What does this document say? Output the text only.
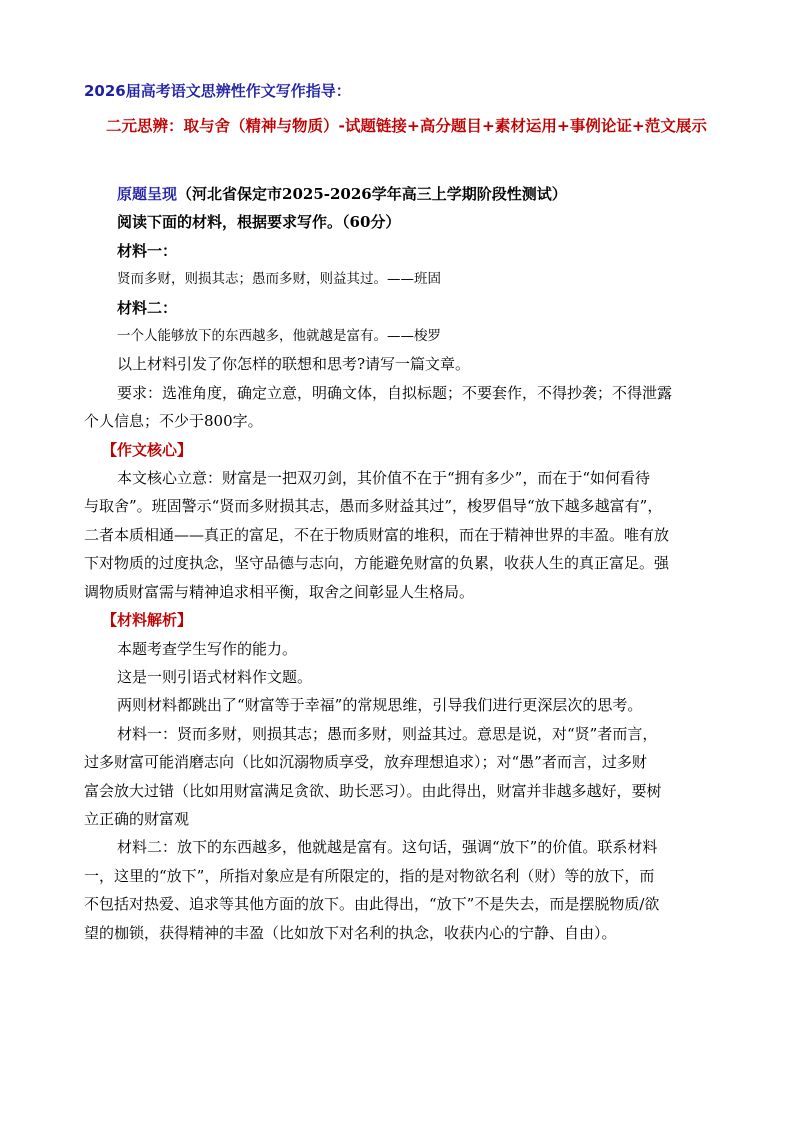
2026届高考语文思辨性作文写作指导：
二元思辨：取与舍（精神与物质）-试题链接+高分题目+素材运用+事例论证+范文展示
原题呈现（河北省保定市2025-2026学年高三上学期阶段性测试）
阅读下面的材料，根据要求写作。（60分）
材料一：
贤而多财，则损其志；愚而多财，则益其过。——班固
材料二：
一个人能够放下的东西越多，他就越是富有。——梭罗
以上材料引发了你怎样的联想和思考?请写一篇文章。
要求：选准角度，确定立意，明确文体，自拟标题；不要套作，不得抄袭；不得泄露
个人信息；不少于800字。
【作文核心】
本文核心立意：财富是一把双刃剑，其价值不在于“拥有多少”，而在于“如何看待
与取舍”。班固警示“贤而多财损其志，愚而多财益其过”，梭罗倡导“放下越多越富有”，
二者本质相通——真正的富足，不在于物质财富的堆积，而在于精神世界的丰盈。唯有放
下对物质的过度执念，坚守品德与志向，方能避免财富的负累，收获人生的真正富足。强
调物质财富需与精神追求相平衡，取舍之间彰显人生格局。
【材料解析】
本题考查学生写作的能力。
这是一则引语式材料作文题。
两则材料都跳出了“财富等于幸福”的常规思维，引导我们进行更深层次的思考。
材料一：贤而多财，则损其志；愚而多财，则益其过。意思是说，对“贤”者而言，
过多财富可能消磨志向（比如沉溺物质享受，放弃理想追求）；对“愚”者而言，过多财
富会放大过错（比如用财富满足贪欲、助长恶习）。由此得出，财富并非越多越好，要树
立正确的财富观
材料二：放下的东西越多，他就越是富有。这句话，强调“放下”的价值。联系材料
一，这里的“放下”，所指对象应是有所限定的，指的是对物欲名利（财）等的放下，而
不包括对热爱、追求等其他方面的放下。由此得出，“放下”不是失去，而是摆脱物质/欲
望的枷锁，获得精神的丰盈（比如放下对名利的执念，收获内心的宁静、自由）。
